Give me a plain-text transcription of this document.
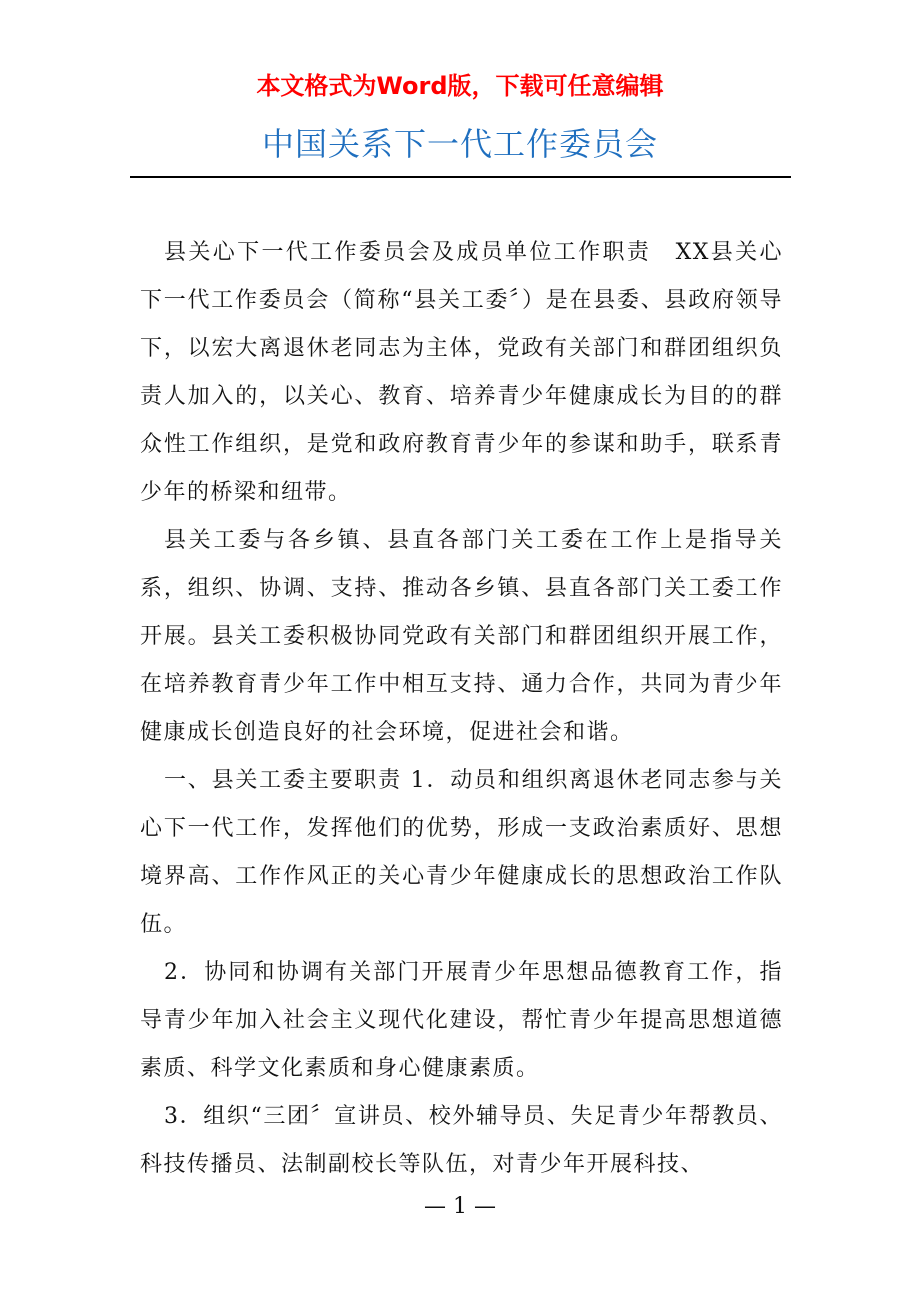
本文格式为Word版，下载可任意编辑
中国关系下一代工作委员会

县关心下一代工作委员会及成员单位工作职责　XX县关心下一代工作委员会（简称“县关工委〞）是在县委、县政府领导下，以宏大离退休老同志为主体，党政有关部门和群团组织负责人加入的，以关心、教育、培养青少年健康成长为目的的群众性工作组织，是党和政府教育青少年的参谋和助手，联系青少年的桥梁和纽带。

县关工委与各乡镇、县直各部门关工委在工作上是指导关系，组织、协调、支持、推动各乡镇、县直各部门关工委工作开展。县关工委积极协同党政有关部门和群团组织开展工作，在培养教育青少年工作中相互支持、通力合作，共同为青少年健康成长创造良好的社会环境，促进社会和谐。

一、县关工委主要职责 1．动员和组织离退休老同志参与关心下一代工作，发挥他们的优势，形成一支政治素质好、思想境界高、工作作风正的关心青少年健康成长的思想政治工作队伍。

2．协同和协调有关部门开展青少年思想品德教育工作，指导青少年加入社会主义现代化建设，帮忙青少年提高思想道德素质、科学文化素质和身心健康素质。

3．组织“三团〞宣讲员、校外辅导员、失足青少年帮教员、科技传播员、法制副校长等队伍，对青少年开展科技、

— 1 —
